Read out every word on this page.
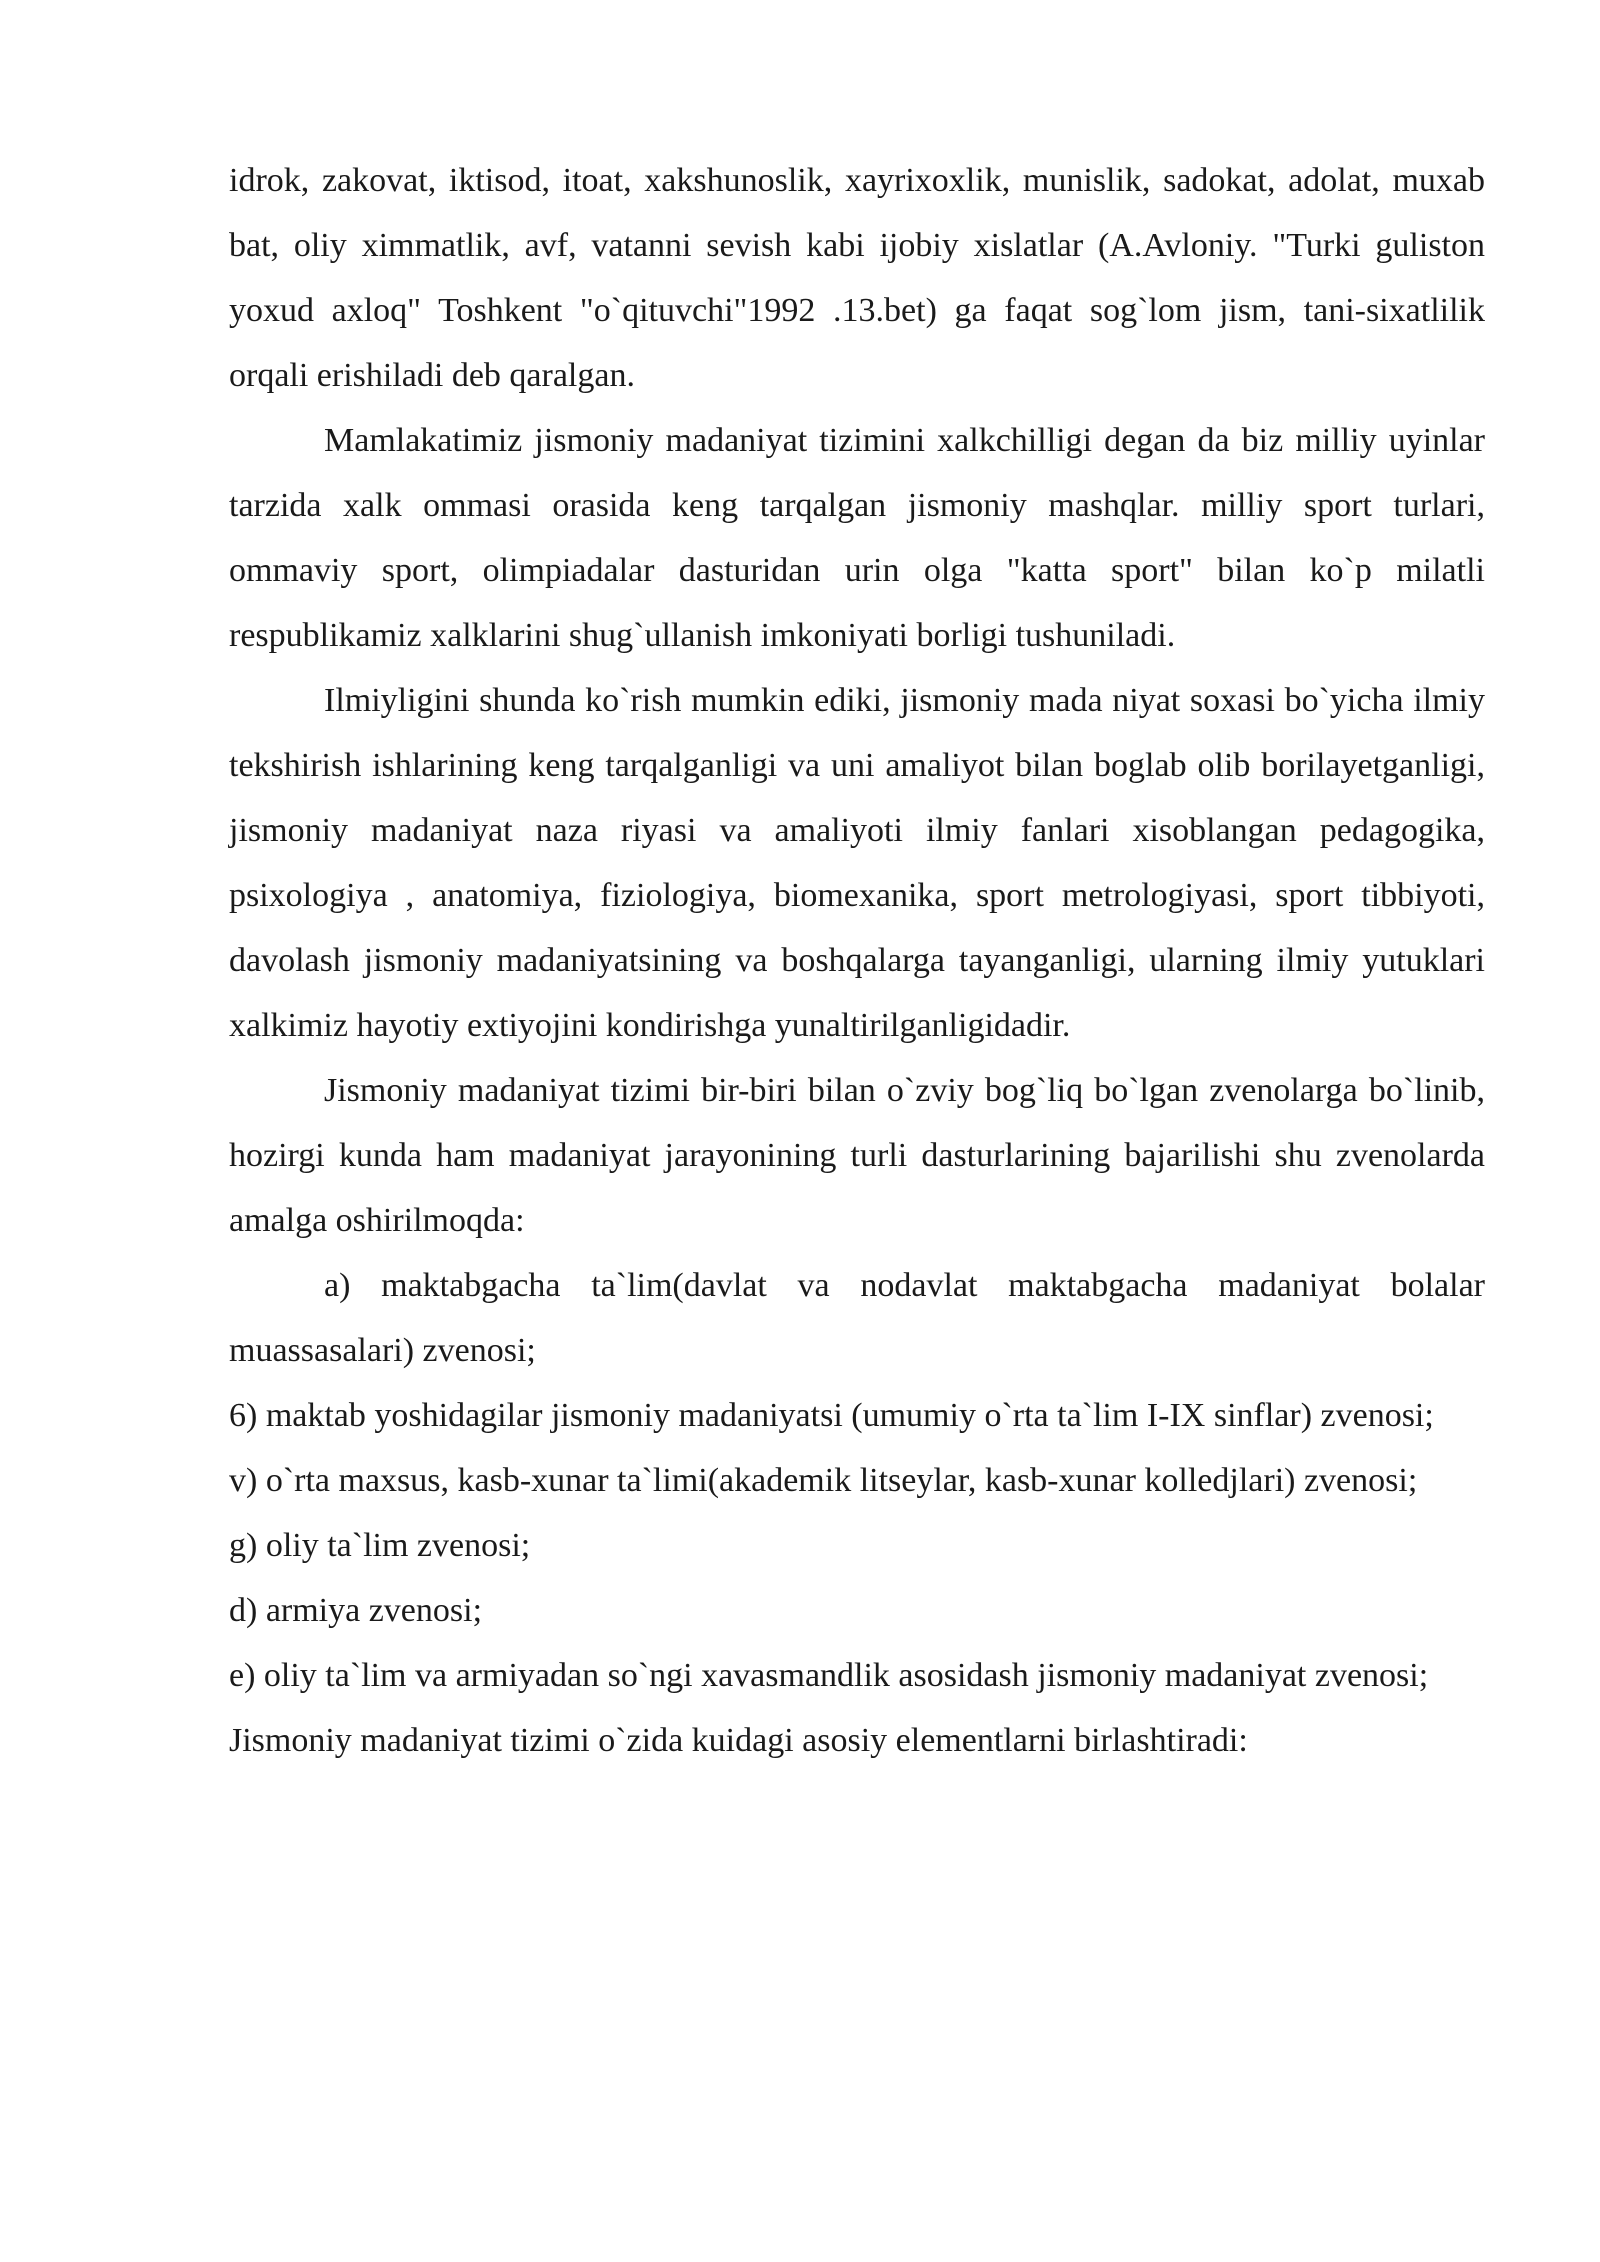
idrok, zakovat, iktisod, itoat, xakshunoslik, xayrixoxlik, munislik, sadokat, adolat, muxab bat, oliy ximmatlik, avf, vatanni sevish kabi ijobiy xislatlar (A.Avloniy. "Turki guliston yoxud axloq" Toshkent "o`qituvchi"1992 .13.bet) ga faqat sog`lom jism, tani-sixatlilik orqali erishiladi deb qaralgan.

Mamlakatimiz jismoniy madaniyat tizimini xalkchilligi degan da biz milliy uyinlar tarzida xalk ommasi orasida keng tarqalgan jismoniy mashqlar. milliy sport turlari, ommaviy sport, olimpiadalar dasturidan urin olga "katta sport" bilan ko`p milatli respublikamiz xalklarini shug`ullanish imkoniyati borligi tushuniladi.

Ilmiyligini shunda ko`rish mumkin ediki, jismoniy mada niyat soxasi bo`yicha ilmiy tekshirish ishlarining keng tarqalganligi va uni amaliyot bilan boglab olib borilayetganligi, jismoniy madaniyat naza riyasi va amaliyoti ilmiy fanlari xisoblangan pedagogika, psixologiya , anatomiya, fiziologiya, biomexanika, sport metrologiyasi, sport tibbiyoti, davolash jismoniy madaniyatsining va boshqalarga tayanganligi, ularning ilmiy yutuklari xalkimiz hayotiy extiyojini kondirishga yunaltirilganligidadir.

Jismoniy madaniyat tizimi bir-biri bilan o`zviy bog`liq bo`lgan zvenolarga bo`linib, hozirgi kunda ham madaniyat jarayonining turli dasturlarining bajarilishi shu zvenolarda amalga oshirilmoqda:

a) maktabgacha ta`lim(davlat va nodavlat maktabgacha madaniyat bolalar muassasalari) zvenosi;

6) maktab yoshidagilar jismoniy madaniyatsi (umumiy o`rta ta`lim I-IX sinflar) zvenosi;

v) o`rta maxsus, kasb-xunar ta`limi(akademik litseylar, kasb-xunar kolledjlari) zvenosi;

g) oliy ta`lim zvenosi;

d) armiya zvenosi;

e) oliy ta`lim va armiyadan so`ngi xavasmandlik asosidash jismoniy madaniyat zvenosi;

Jismoniy madaniyat tizimi o`zida kuidagi asosiy elementlarni birlashtiradi:
